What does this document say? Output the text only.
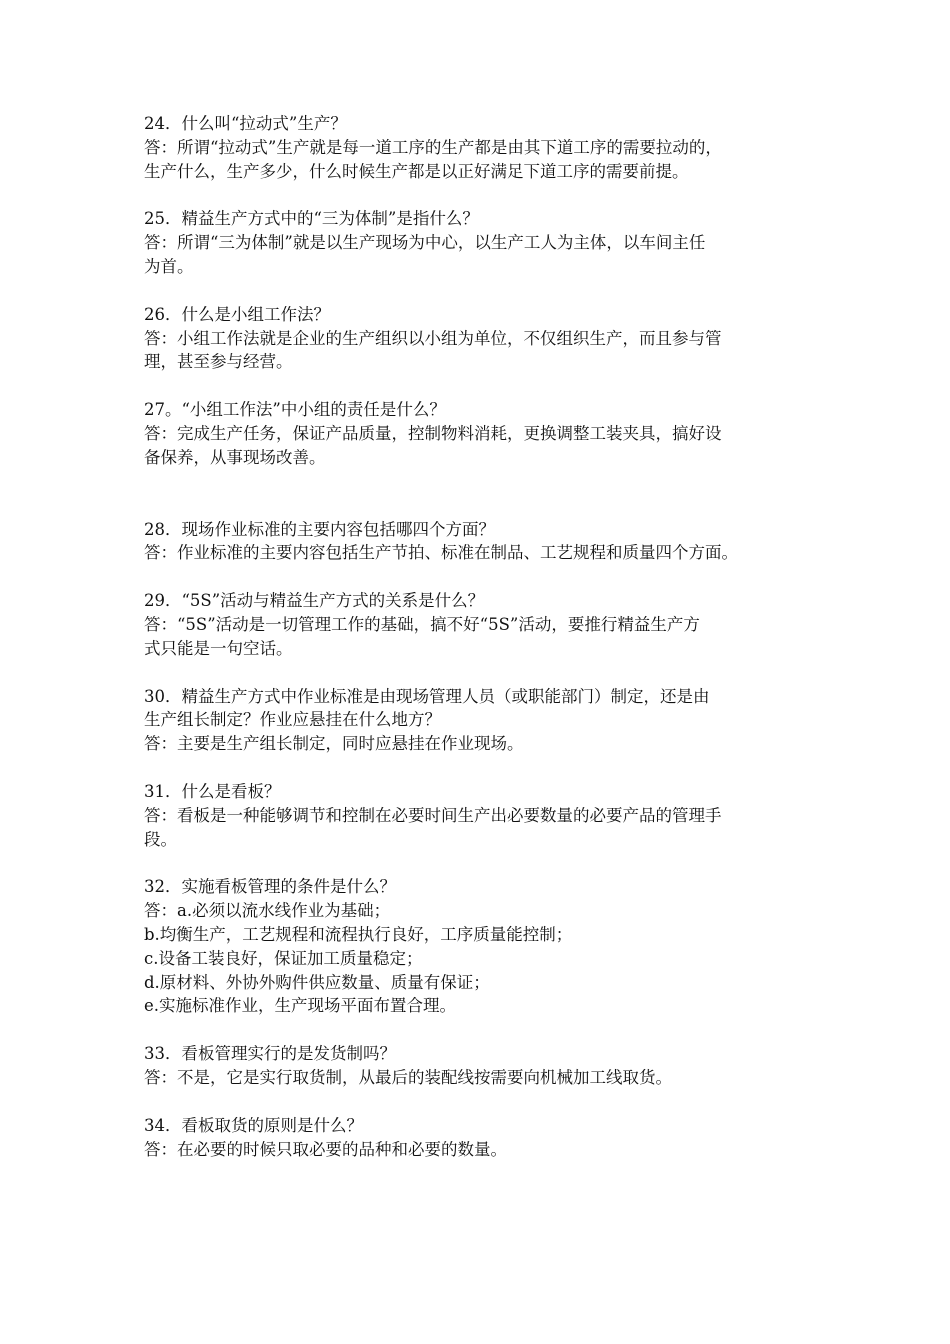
24．什么叫“拉动式”生产？
答：所谓“拉动式”生产就是每一道工序的生产都是由其下道工序的需要拉动的，
生产什么，生产多少，什么时候生产都是以正好满足下道工序的需要前提。
25．精益生产方式中的“三为体制”是指什么？
答：所谓“三为体制”就是以生产现场为中心，以生产工人为主体，以车间主任
为首。
26．什么是小组工作法？
答：小组工作法就是企业的生产组织以小组为单位，不仅组织生产，而且参与管
理，甚至参与经营。
27。“小组工作法”中小组的责任是什么？
答：完成生产任务，保证产品质量，控制物料消耗，更换调整工装夹具，搞好设
备保养，从事现场改善。
28．现场作业标准的主要内容包括哪四个方面？
答：作业标准的主要内容包括生产节拍、标准在制品、工艺规程和质量四个方面。
29．“5S”活动与精益生产方式的关系是什么？
答：“5S”活动是一切管理工作的基础，搞不好“5S”活动，要推行精益生产方
式只能是一句空话。
30．精益生产方式中作业标准是由现场管理人员（或职能部门）制定，还是由
生产组长制定？作业应悬挂在什么地方？
答：主要是生产组长制定，同时应悬挂在作业现场。
31．什么是看板？
答：看板是一种能够调节和控制在必要时间生产出必要数量的必要产品的管理手
段。
32．实施看板管理的条件是什么？
答：a.必须以流水线作业为基础；
b.均衡生产，工艺规程和流程执行良好，工序质量能控制；
c.设备工装良好，保证加工质量稳定；
d.原材料、外协外购件供应数量、质量有保证；
e.实施标准作业，生产现场平面布置合理。
33．看板管理实行的是发货制吗？
答：不是，它是实行取货制，从最后的装配线按需要向机械加工线取货。
34．看板取货的原则是什么？
答：在必要的时候只取必要的品种和必要的数量。
